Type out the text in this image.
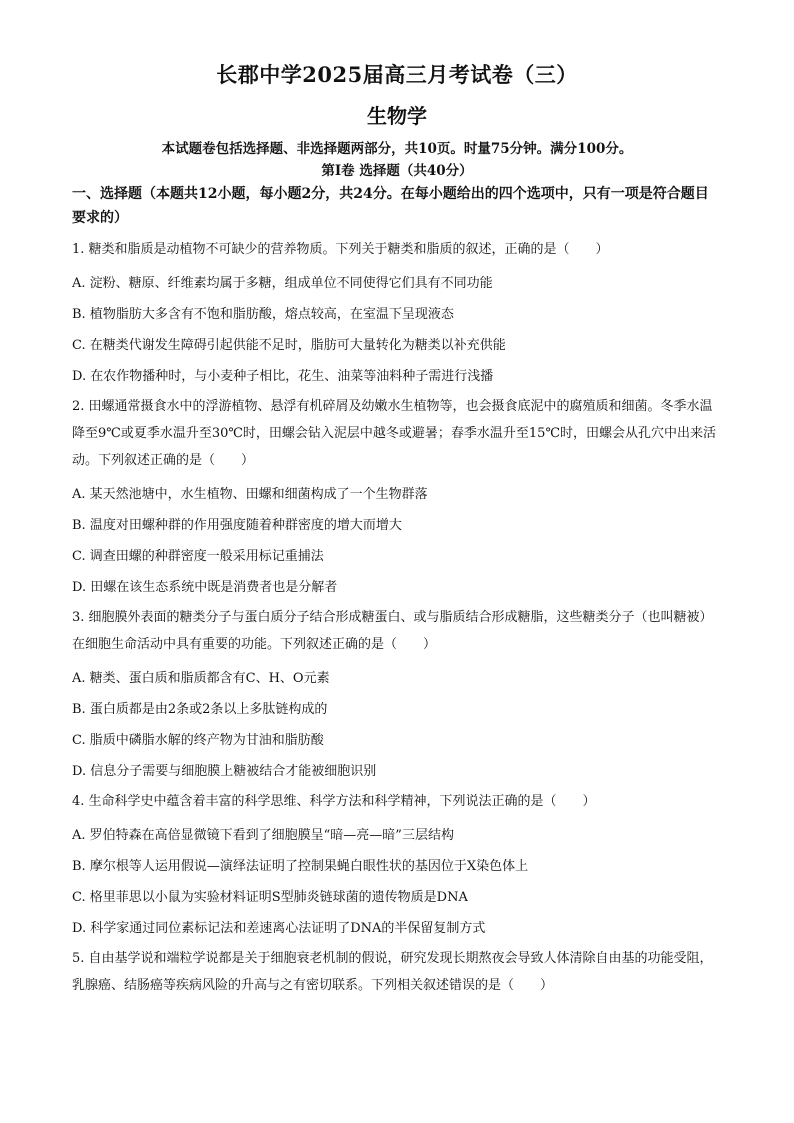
长郡中学2025届高三月考试卷（三）
生物学
本试题卷包括选择题、非选择题两部分，共10页。时量75分钟。满分100分。
第Ⅰ卷 选择题（共40分）
一、选择题（本题共12小题，每小题2分，共24分。在每小题给出的四个选项中，只有一项是符合题目要求的）
1. 糖类和脂质是动植物不可缺少的营养物质。下列关于糖类和脂质的叙述，正确的是（　　）
A. 淀粉、糖原、纤维素均属于多糖，组成单位不同使得它们具有不同功能
B. 植物脂肪大多含有不饱和脂肪酸，熔点较高，在室温下呈现液态
C. 在糖类代谢发生障碍引起供能不足时，脂肪可大量转化为糖类以补充供能
D. 在农作物播种时，与小麦种子相比，花生、油菜等油料种子需进行浅播
2. 田螺通常摄食水中的浮游植物、悬浮有机碎屑及幼嫩水生植物等，也会摄食底泥中的腐殖质和细菌。冬季水温降至9℃或夏季水温升至30℃时，田螺会钻入泥层中越冬或避暑；春季水温升至15℃时，田螺会从孔穴中出来活动。下列叙述正确的是（　　）
A. 某天然池塘中，水生植物、田螺和细菌构成了一个生物群落
B. 温度对田螺种群的作用强度随着种群密度的增大而增大
C. 调查田螺的种群密度一般采用标记重捕法
D. 田螺在该生态系统中既是消费者也是分解者
3. 细胞膜外表面的糖类分子与蛋白质分子结合形成糖蛋白、或与脂质结合形成糖脂，这些糖类分子（也叫糖被）在细胞生命活动中具有重要的功能。下列叙述正确的是（　　）
A. 糖类、蛋白质和脂质都含有C、H、O元素
B. 蛋白质都是由2条或2条以上多肽链构成的
C. 脂质中磷脂水解的终产物为甘油和脂肪酸
D. 信息分子需要与细胞膜上糖被结合才能被细胞识别
4. 生命科学史中蕴含着丰富的科学思维、科学方法和科学精神，下列说法正确的是（　　）
A. 罗伯特森在高倍显微镜下看到了细胞膜呈“暗—亮—暗”三层结构
B. 摩尔根等人运用假说—演绎法证明了控制果蝇白眼性状的基因位于X染色体上
C. 格里菲思以小鼠为实验材料证明S型肺炎链球菌的遗传物质是DNA
D. 科学家通过同位素标记法和差速离心法证明了DNA的半保留复制方式
5. 自由基学说和端粒学说都是关于细胞衰老机制的假说，研究发现长期熬夜会导致人体清除自由基的功能受阻，乳腺癌、结肠癌等疾病风险的升高与之有密切联系。下列相关叙述错误的是（　　）
